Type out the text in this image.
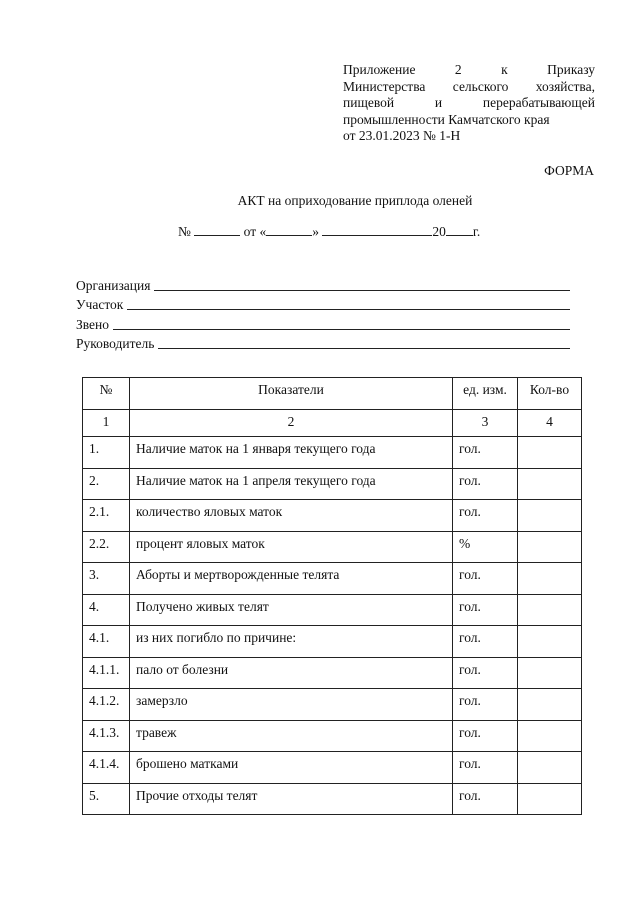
Приложение 2 к Приказу
Министерства сельского хозяйства,
пищевой и перерабатывающей
промышленности Камчатского края
от 23.01.2023 № 1-Н
ФОРМА
АКТ на оприходование приплода оленей
№	от «	»	20 г.
Организация
Участок
Звено
Руководитель
№	Показатели	ед. изм.	Кол-во
1	2	3	4
1.	Наличие маток на 1 января текущего года	гол.	
2.	Наличие маток на 1 апреля текущего года	гол.	
2.1.	количество яловых маток	гол.	
2.2.	процент яловых маток	%	
3.	Аборты и мертворожденные телята	гол.	
4.	Получено живых телят	гол.	
4.1.	из них погибло по причине:	гол.	
4.1.1.	пало от болезни	гол.	
4.1.2.	замерзло	гол.	
4.1.3.	травеж	гол.	
4.1.4.	брошено матками	гол.	
5.	Прочие отходы телят	гол.	
